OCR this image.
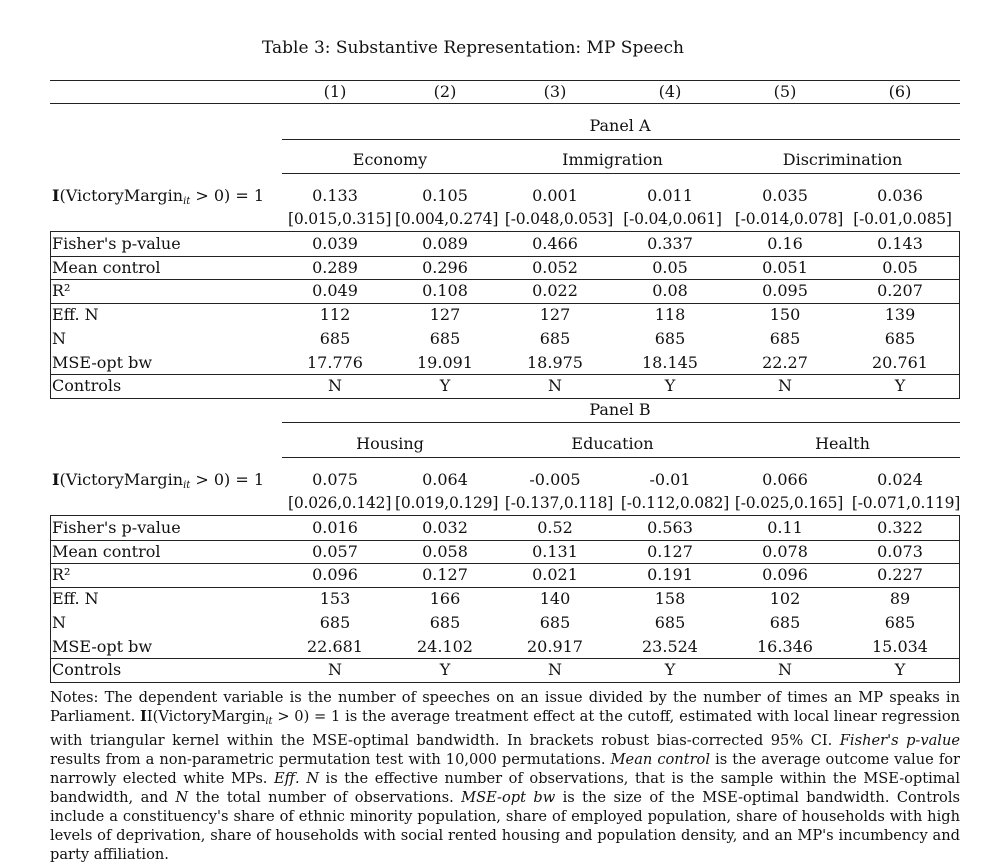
Table 3: Substantive Representation: MP Speech
(1)	(2)	(3)	(4)	(5)	(6)
Panel A
Economy	Immigration	Discrimination
I(VictoryMargin$_{it}$ > 0) = 1	0.133	0.105	0.001	0.011	0.035	0.036
[0.015,0.315] [0.004,0.274] [-0.048,0.053] [-0.04,0.061] [-0.014,0.078] [-0.01,0.085]
Fisher's p-value	0.039	0.089	0.466	0.337	0.16	0.143
Mean control	0.289	0.296	0.052	0.05	0.051	0.05
R²	0.049	0.108	0.022	0.08	0.095	0.207
Eff. N	112	127	127	118	150	139
N	685	685	685	685	685	685
MSE-opt bw	17.776	19.091	18.975	18.145	22.27	20.761
Controls	N	Y	N	Y	N	Y
Panel B
Housing	Education	Health
I(VictoryMargin$_{it}$ > 0) = 1	0.075	0.064	-0.005	-0.01	0.066	0.024
[0.026,0.142] [0.019,0.129] [-0.137,0.118] [-0.112,0.082] [-0.025,0.165] [-0.071,0.119]
Fisher's p-value	0.016	0.032	0.52	0.563	0.11	0.322
Mean control	0.057	0.058	0.131	0.127	0.078	0.073
R²	0.096	0.127	0.021	0.191	0.096	0.227
Eff. N	153	166	140	158	102	89
N	685	685	685	685	685	685
MSE-opt bw	22.681	24.102	20.917	23.524	16.346	15.034
Controls	N	Y	N	Y	N	Y
Notes: The dependent variable is the number of speeches on an issue divided by the number of times an MP speaks in Parliament. II(VictoryMargin$_{it}$ > 0) = 1 is the average treatment effect at the cutoff, estimated with local linear regression with triangular kernel within the MSE-optimal bandwidth. In brackets robust bias-corrected 95% CI. Fisher's p-value results from a non-parametric permutation test with 10,000 permutations. Mean control is the average outcome value for narrowly elected white MPs. Eff. N is the effective number of observations, that is the sample within the MSE-optimal bandwidth, and N the total number of observations. MSE-opt bw is the size of the MSE-optimal bandwidth. Controls include a constituency's share of ethnic minority population, share of employed population, share of households with high levels of deprivation, share of households with social rented housing and population density, and an MP's incumbency and party affiliation.
